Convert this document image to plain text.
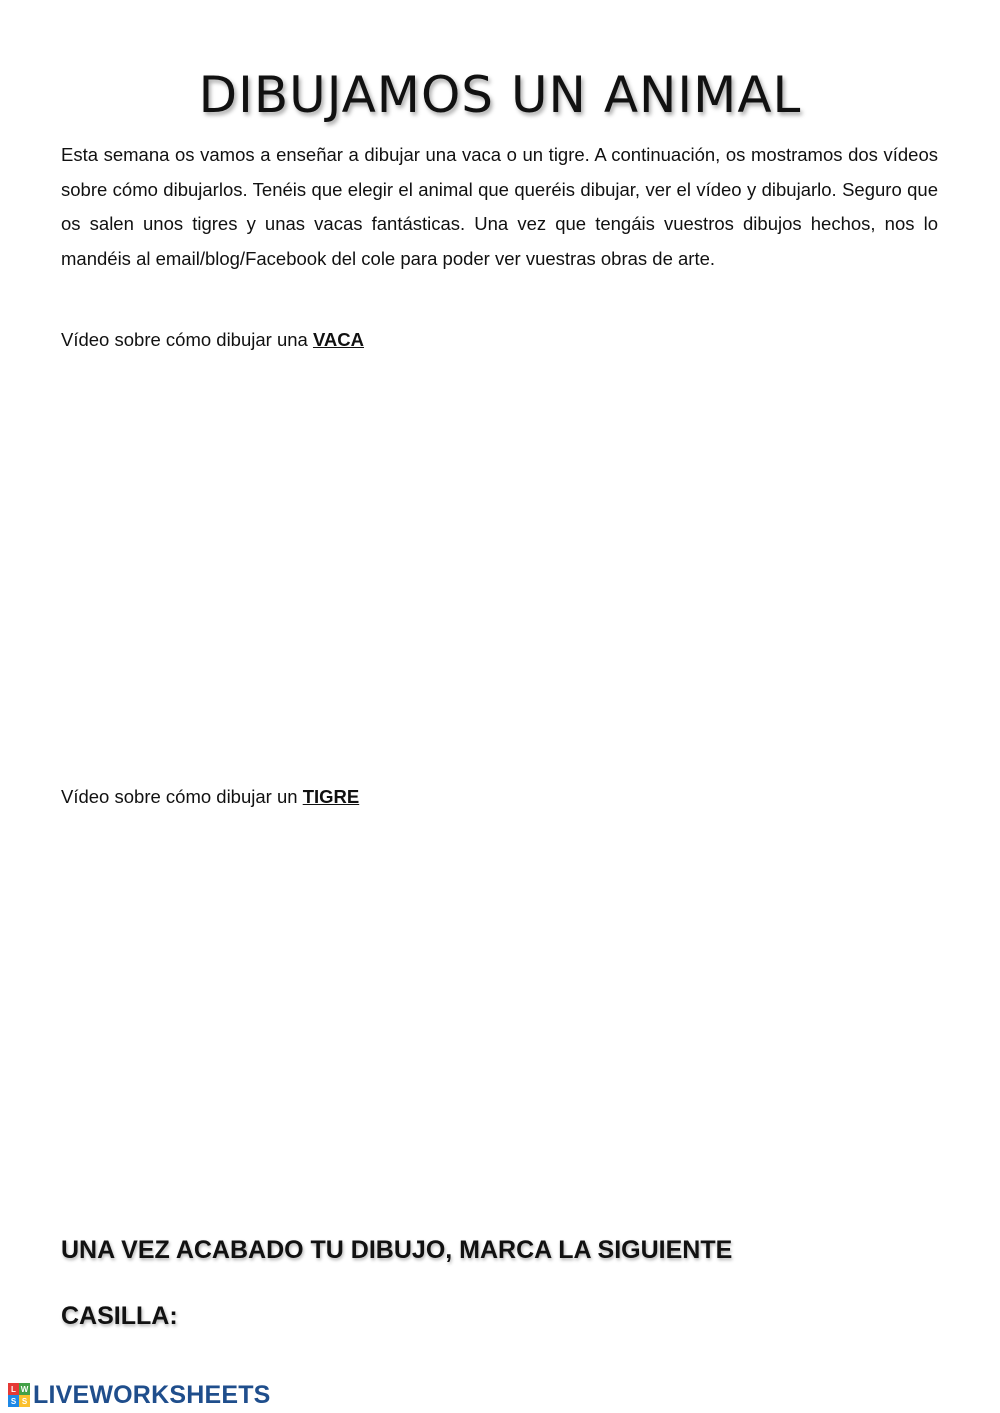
DIBUJAMOS UN ANIMAL

Esta semana os vamos a enseñar a dibujar una vaca o un tigre. A continuación, os mostramos dos vídeos sobre cómo dibujarlos. Tenéis que elegir el animal que queréis dibujar, ver el vídeo y dibujarlo. Seguro que os salen unos tigres y unas vacas fantásticas. Una vez que tengáis vuestros dibujos hechos, nos lo mandéis al email/blog/Facebook del cole para poder ver vuestras obras de arte.

Vídeo sobre cómo dibujar una VACA

Vídeo sobre cómo dibujar un TIGRE

UNA VEZ ACABADO TU DIBUJO, MARCA LA SIGUIENTE

CASILLA:

L W
S S LIVEWORKSHEETS
